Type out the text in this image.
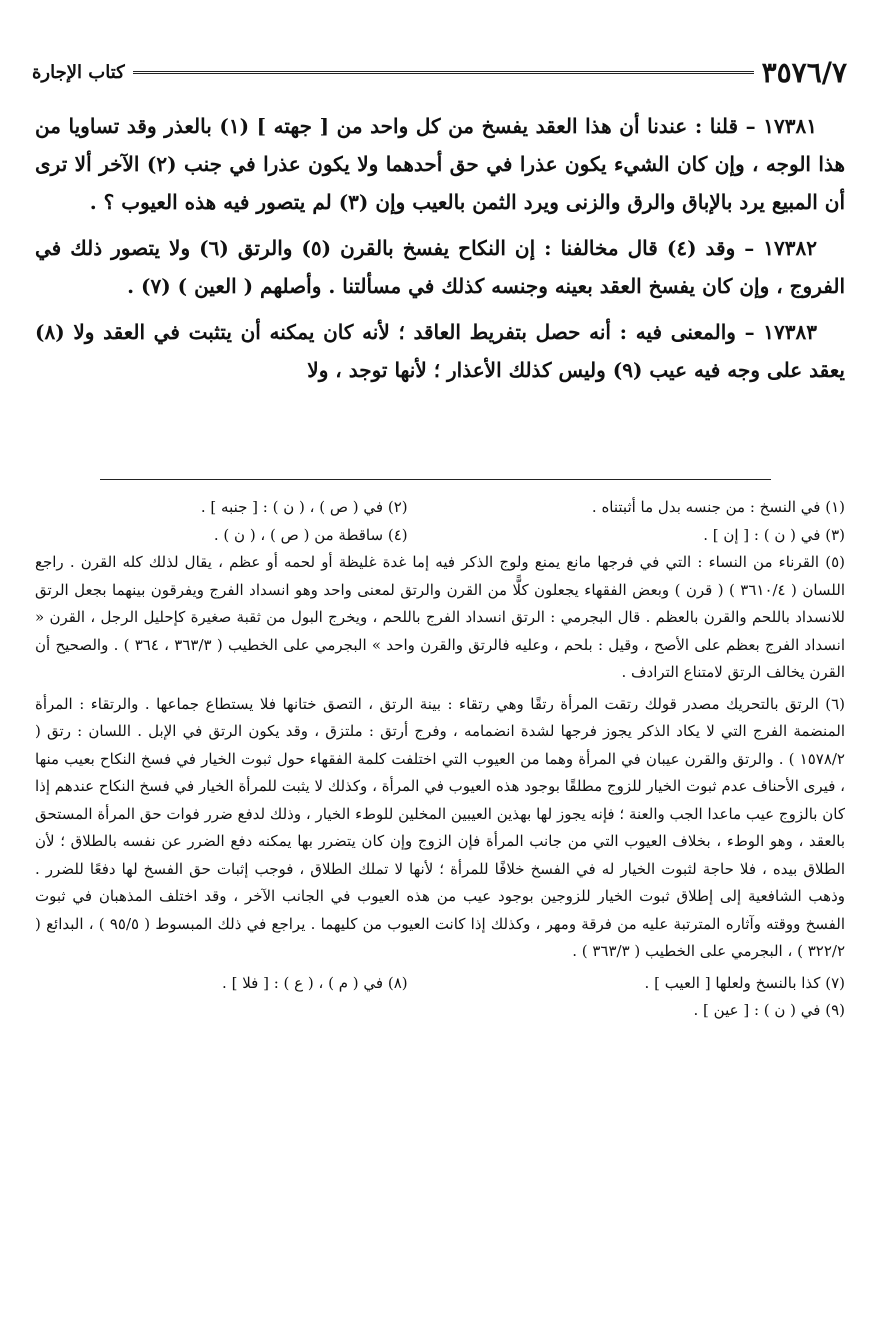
٣٥٧٦/٧
كتاب الإجارة

١٧٣٨١ – قلنا : عندنا أن هذا العقد يفسخ من كل واحد من [ جهته ] (١) بالعذر وقد تساويا من هذا الوجه ، وإن كان الشيء يكون عذرا في حق أحدهما ولا يكون عذرا في جنب (٢) الآخر ألا ترى أن المبيع يرد بالإباق والرق والزنى ويرد الثمن بالعيب وإن (٣) لم يتصور فيه هذه العيوب ؟ .

١٧٣٨٢ – وقد (٤) قال مخالفنا : إن النكاح يفسخ بالقرن (٥) والرتق (٦) ولا يتصور ذلك في الفروج ، وإن كان يفسخ العقد بعينه وجنسه كذلك في مسألتنا . وأصلهم ( العين ) (٧) .

١٧٣٨٣ – والمعنى فيه : أنه حصل بتفريط العاقد ؛ لأنه كان يمكنه أن يتثبت في العقد ولا (٨) يعقد على وجه فيه عيب (٩) وليس كذلك الأعذار ؛ لأنها توجد ، ولا

(١) في النسخ : من جنسه بدل ما أثبتناه .
(٢) في ( ص ) ، ( ن ) : [ جنبه ] .
(٣) في ( ن ) : [ إن ] .
(٤) ساقطة من ( ص ) ، ( ن ) .

(٥) القرناء من النساء : التي في فرجها مانع يمنع ولوج الذكر فيه إما غدة غليظة أو لحمه أو عظم ، يقال لذلك كله القرن . راجع اللسان ( ٣٦١٠/٤ ) ( قرن ) وبعض الفقهاء يجعلون كلًّا من القرن والرتق لمعنى واحد وهو انسداد الفرج ويفرقون بينهما بجعل الرتق للانسداد باللحم والقرن بالعظم . قال البجرمي : الرتق انسداد الفرج باللحم ، ويخرج البول من ثقبة صغيرة كإحليل الرجل ، القرن « انسداد الفرج بعظم على الأصح ، وقيل : بلحم ، وعليه فالرتق والقرن واحد » البجرمي على الخطيب ( ٣٦٣/٣ ، ٣٦٤ ) . والصحيح أن القرن يخالف الرتق لامتناع الترادف .

(٦) الرتق بالتحريك مصدر قولك رتقت المرأة رتقًا وهي رتقاء : بينة الرتق ، التصق ختانها فلا يستطاع جماعها . والرتقاء : المرأة المنضمة الفرج التي لا يكاد الذكر يجوز فرجها لشدة انضمامه ، وفرج أرتق : ملتزق ، وقد يكون الرتق في الإبل . اللسان : رتق ( ١٥٧٨/٢ ) . والرتق والقرن عيبان في المرأة وهما من العيوب التي اختلفت كلمة الفقهاء حول ثبوت الخيار في فسخ النكاح بعيب منها ، فيرى الأحناف عدم ثبوت الخيار للزوج مطلقًا بوجود هذه العيوب في المرأة ، وكذلك لا يثبت للمرأة الخيار في فسخ النكاح عندهم إذا كان بالزوج عيب ماعدا الجب والعنة ؛ فإنه يجوز لها بهذين العيبين المخلين للوطء الخيار ، وذلك لدفع ضرر فوات حق المرأة المستحق بالعقد ، وهو الوطء ، بخلاف العيوب التي من جانب المرأة فإن الزوج وإن كان يتضرر بها يمكنه دفع الضرر عن نفسه بالطلاق ؛ لأن الطلاق بيده ، فلا حاجة لثبوت الخيار له في الفسخ خلافًا للمرأة ؛ لأنها لا تملك الطلاق ، فوجب إثبات حق الفسخ لها دفعًا للضرر . وذهب الشافعية إلى إطلاق ثبوت الخيار للزوجين بوجود عيب من هذه العيوب في الجانب الآخر ، وقد اختلف المذهبان في ثبوت الفسخ ووقته وآثاره المترتبة عليه من فرقة ومهر ، وكذلك إذا كانت العيوب من كليهما . يراجع في ذلك المبسوط ( ٩٥/٥ ) ، البدائع ( ٣٢٢/٢ ) ، البجرمي على الخطيب ( ٣٦٣/٣ ) .

(٧) كذا بالنسخ ولعلها [ العيب ] .
(٨) في ( م ) ، ( ع ) : [ فلا ] .
(٩) في ( ن ) : [ عين ] .
